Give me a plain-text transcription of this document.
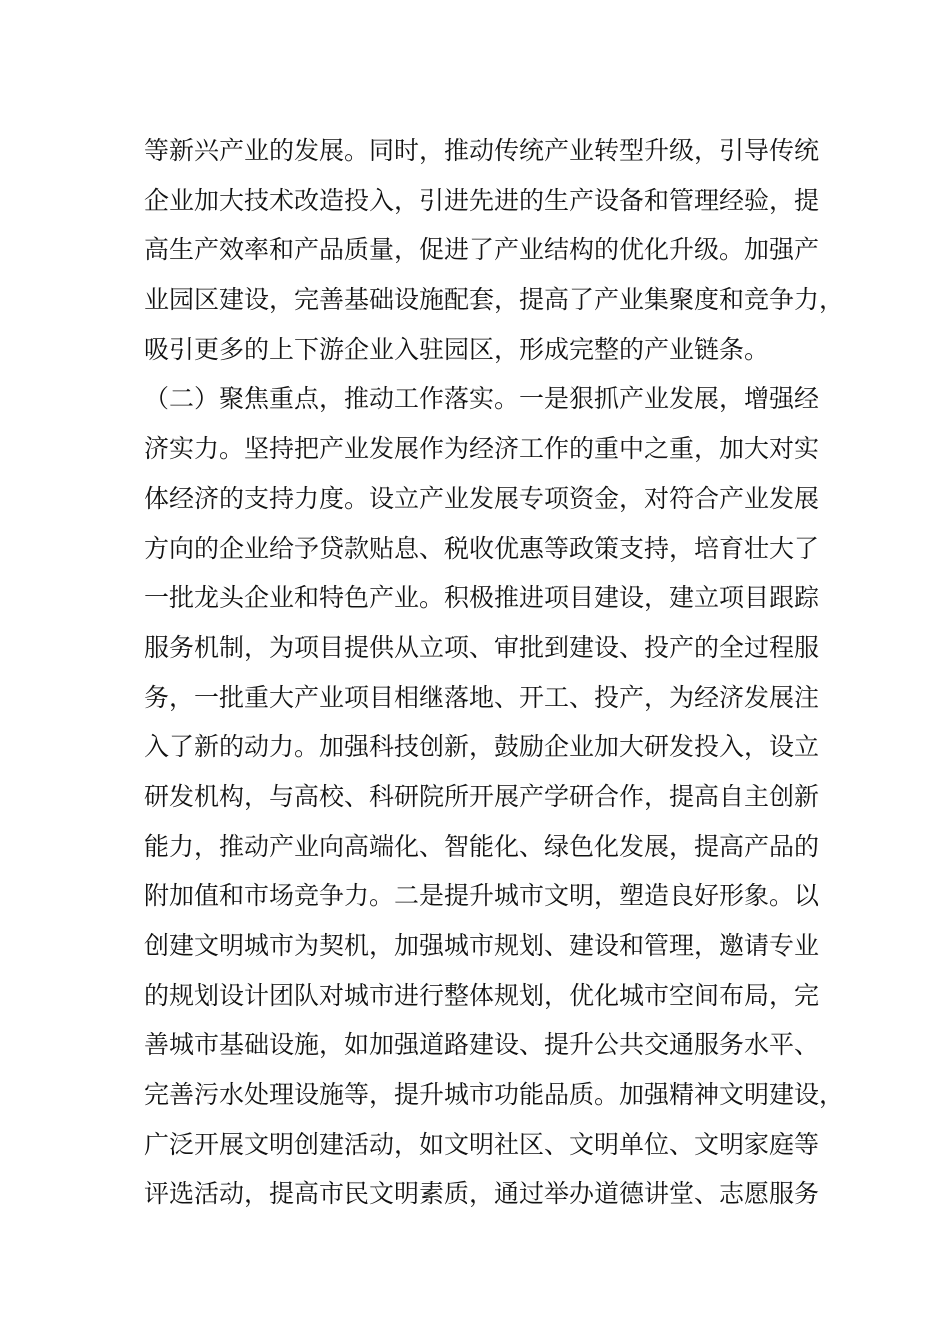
等新兴产业的发展。同时，推动传统产业转型升级，引导传统
企业加大技术改造投入，引进先进的生产设备和管理经验，提
高生产效率和产品质量，促进了产业结构的优化升级。加强产
业园区建设，完善基础设施配套，提高了产业集聚度和竞争力，
吸引更多的上下游企业入驻园区，形成完整的产业链条。
（二）聚焦重点，推动工作落实。一是狠抓产业发展，增强经
济实力。坚持把产业发展作为经济工作的重中之重，加大对实
体经济的支持力度。设立产业发展专项资金，对符合产业发展
方向的企业给予贷款贴息、税收优惠等政策支持，培育壮大了
一批龙头企业和特色产业。积极推进项目建设，建立项目跟踪
服务机制，为项目提供从立项、审批到建设、投产的全过程服
务，一批重大产业项目相继落地、开工、投产，为经济发展注
入了新的动力。加强科技创新，鼓励企业加大研发投入，设立
研发机构，与高校、科研院所开展产学研合作，提高自主创新
能力，推动产业向高端化、智能化、绿色化发展，提高产品的
附加值和市场竞争力。二是提升城市文明，塑造良好形象。以
创建文明城市为契机，加强城市规划、建设和管理，邀请专业
的规划设计团队对城市进行整体规划，优化城市空间布局，完
善城市基础设施，如加强道路建设、提升公共交通服务水平、
完善污水处理设施等，提升城市功能品质。加强精神文明建设，
广泛开展文明创建活动，如文明社区、文明单位、文明家庭等
评选活动，提高市民文明素质，通过举办道德讲堂、志愿服务
